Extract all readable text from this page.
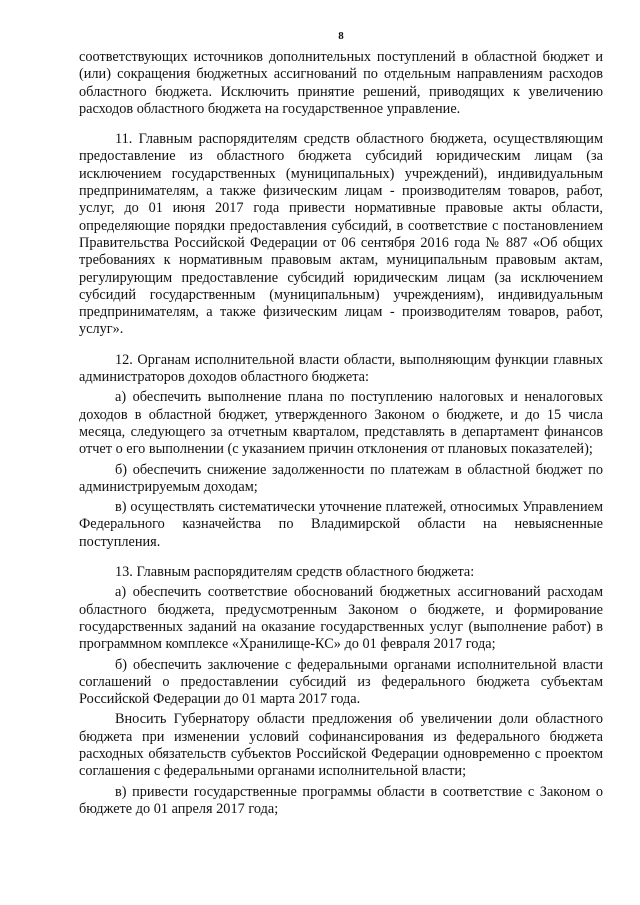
8

соответствующих источников дополнительных поступлений в областной бюджет и (или) сокращения бюджетных ассигнований по отдельным направлениям расходов областного бюджета. Исключить принятие решений, приводящих к увеличению расходов областного бюджета на государственное управление.

11. Главным распорядителям средств областного бюджета, осуществляющим предоставление из областного бюджета субсидий юридическим лицам (за исключением государственных (муниципальных) учреждений), индивидуальным предпринимателям, а также физическим лицам - производителям товаров, работ, услуг, до 01 июня 2017 года привести нормативные правовые акты области, определяющие порядки предоставления субсидий, в соответствие с постановлением Правительства Российской Федерации от 06 сентября 2016 года № 887 «Об общих требованиях к нормативным правовым актам, муниципальным правовым актам, регулирующим предоставление субсидий юридическим лицам (за исключением субсидий государственным (муниципальным) учреждениям), индивидуальным предпринимателям, а также физическим лицам - производителям товаров, работ, услуг».

12. Органам исполнительной власти области, выполняющим функции главных администраторов доходов областного бюджета:

а) обеспечить выполнение плана по поступлению налоговых и неналоговых доходов в областной бюджет, утвержденного Законом о бюджете, и до 15 числа месяца, следующего за отчетным кварталом, представлять в департамент финансов отчет о его выполнении (с указанием причин отклонения от плановых показателей);

б) обеспечить снижение задолженности по платежам в областной бюджет по администрируемым доходам;

в) осуществлять систематически уточнение платежей, относимых Управлением Федерального казначейства по Владимирской области на невыясненные поступления.

13. Главным распорядителям средств областного бюджета:

а) обеспечить соответствие обоснований бюджетных ассигнований расходам областного бюджета, предусмотренным Законом о бюджете, и формирование государственных заданий на оказание государственных услуг (выполнение работ) в программном комплексе «Хранилище-КС» до 01 февраля 2017 года;

б) обеспечить заключение с федеральными органами исполнительной власти соглашений о предоставлении субсидий из федерального бюджета субъектам Российской Федерации до 01 марта 2017 года.

Вносить Губернатору области предложения об увеличении доли областного бюджета при изменении условий софинансирования из федерального бюджета расходных обязательств субъектов Российской Федерации одновременно с проектом соглашения с федеральными органами исполнительной власти;

в) привести государственные программы области в соответствие с Законом о бюджете до 01 апреля 2017 года;
